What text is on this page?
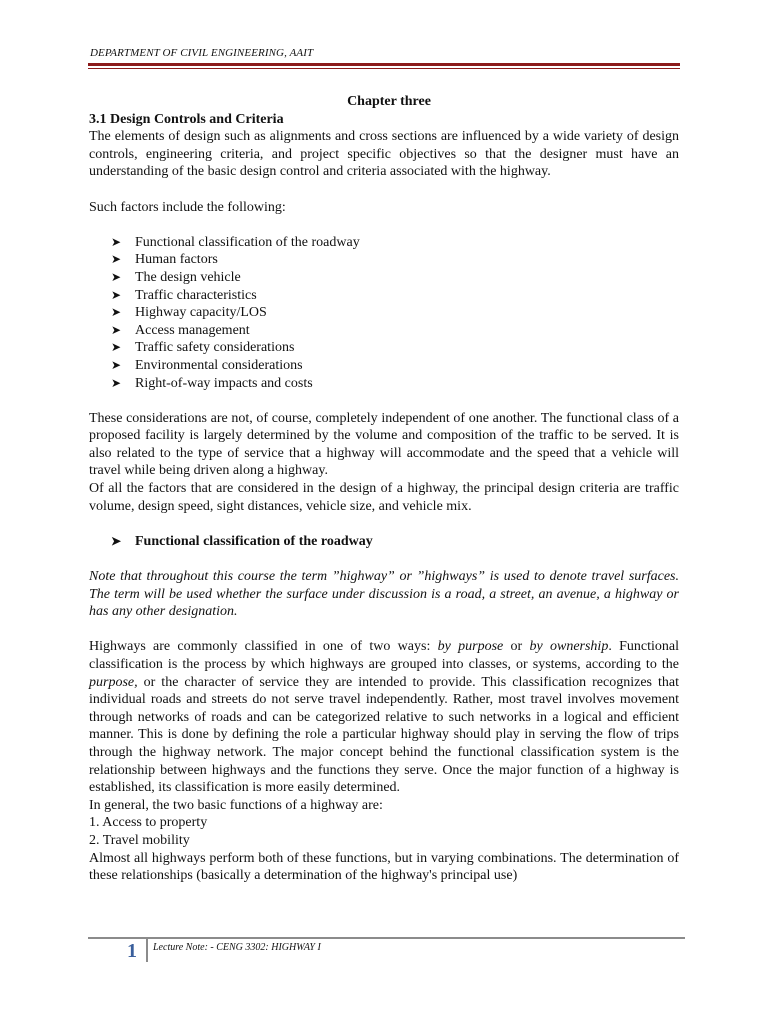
DEPARTMENT OF CIVIL ENGINEERING, AAIT
Chapter three
3.1 Design Controls and Criteria

The elements of design such as alignments and cross sections are influenced by a wide variety of design controls, engineering criteria, and project specific objectives so that the designer must have an understanding of the basic design control and criteria associated with the highway.

Such factors include the following:

➤ Functional classification of the roadway
➤ Human factors
➤ The design vehicle
➤ Traffic characteristics
➤ Highway capacity/LOS
➤ Access management
➤ Traffic safety considerations
➤ Environmental considerations
➤ Right-of-way impacts and costs

These considerations are not, of course, completely independent of one another. The functional class of a proposed facility is largely determined by the volume and composition of the traffic to be served. It is also related to the type of service that a highway will accommodate and the speed that a vehicle will travel while being driven along a highway.

Of all the factors that are considered in the design of a highway, the principal design criteria are traffic volume, design speed, sight distances, vehicle size, and vehicle mix.

➤ Functional classification of the roadway

Note that throughout this course the term ”highway” or ”highways” is used to denote travel surfaces. The term will be used whether the surface under discussion is a road, a street, an avenue, a highway or has any other designation.

Highways are commonly classified in one of two ways: by purpose or by ownership. Functional classification is the process by which highways are grouped into classes, or systems, according to the purpose, or the character of service they are intended to provide. This classification recognizes that individual roads and streets do not serve travel independently. Rather, most travel involves movement through networks of roads and can be categorized relative to such networks in a logical and efficient manner. This is done by defining the role a particular highway should play in serving the flow of trips through the highway network. The major concept behind the functional classification system is the relationship between highways and the functions they serve. Once the major function of a highway is established, its classification is more easily determined.

In general, the two basic functions of a highway are:

1. Access to property

2. Travel mobility

Almost all highways perform both of these functions, but in varying combinations. The determination of these relationships (basically a determination of the highway's principal use)

1 Lecture Note: - CENG 3302: HIGHWAY I
